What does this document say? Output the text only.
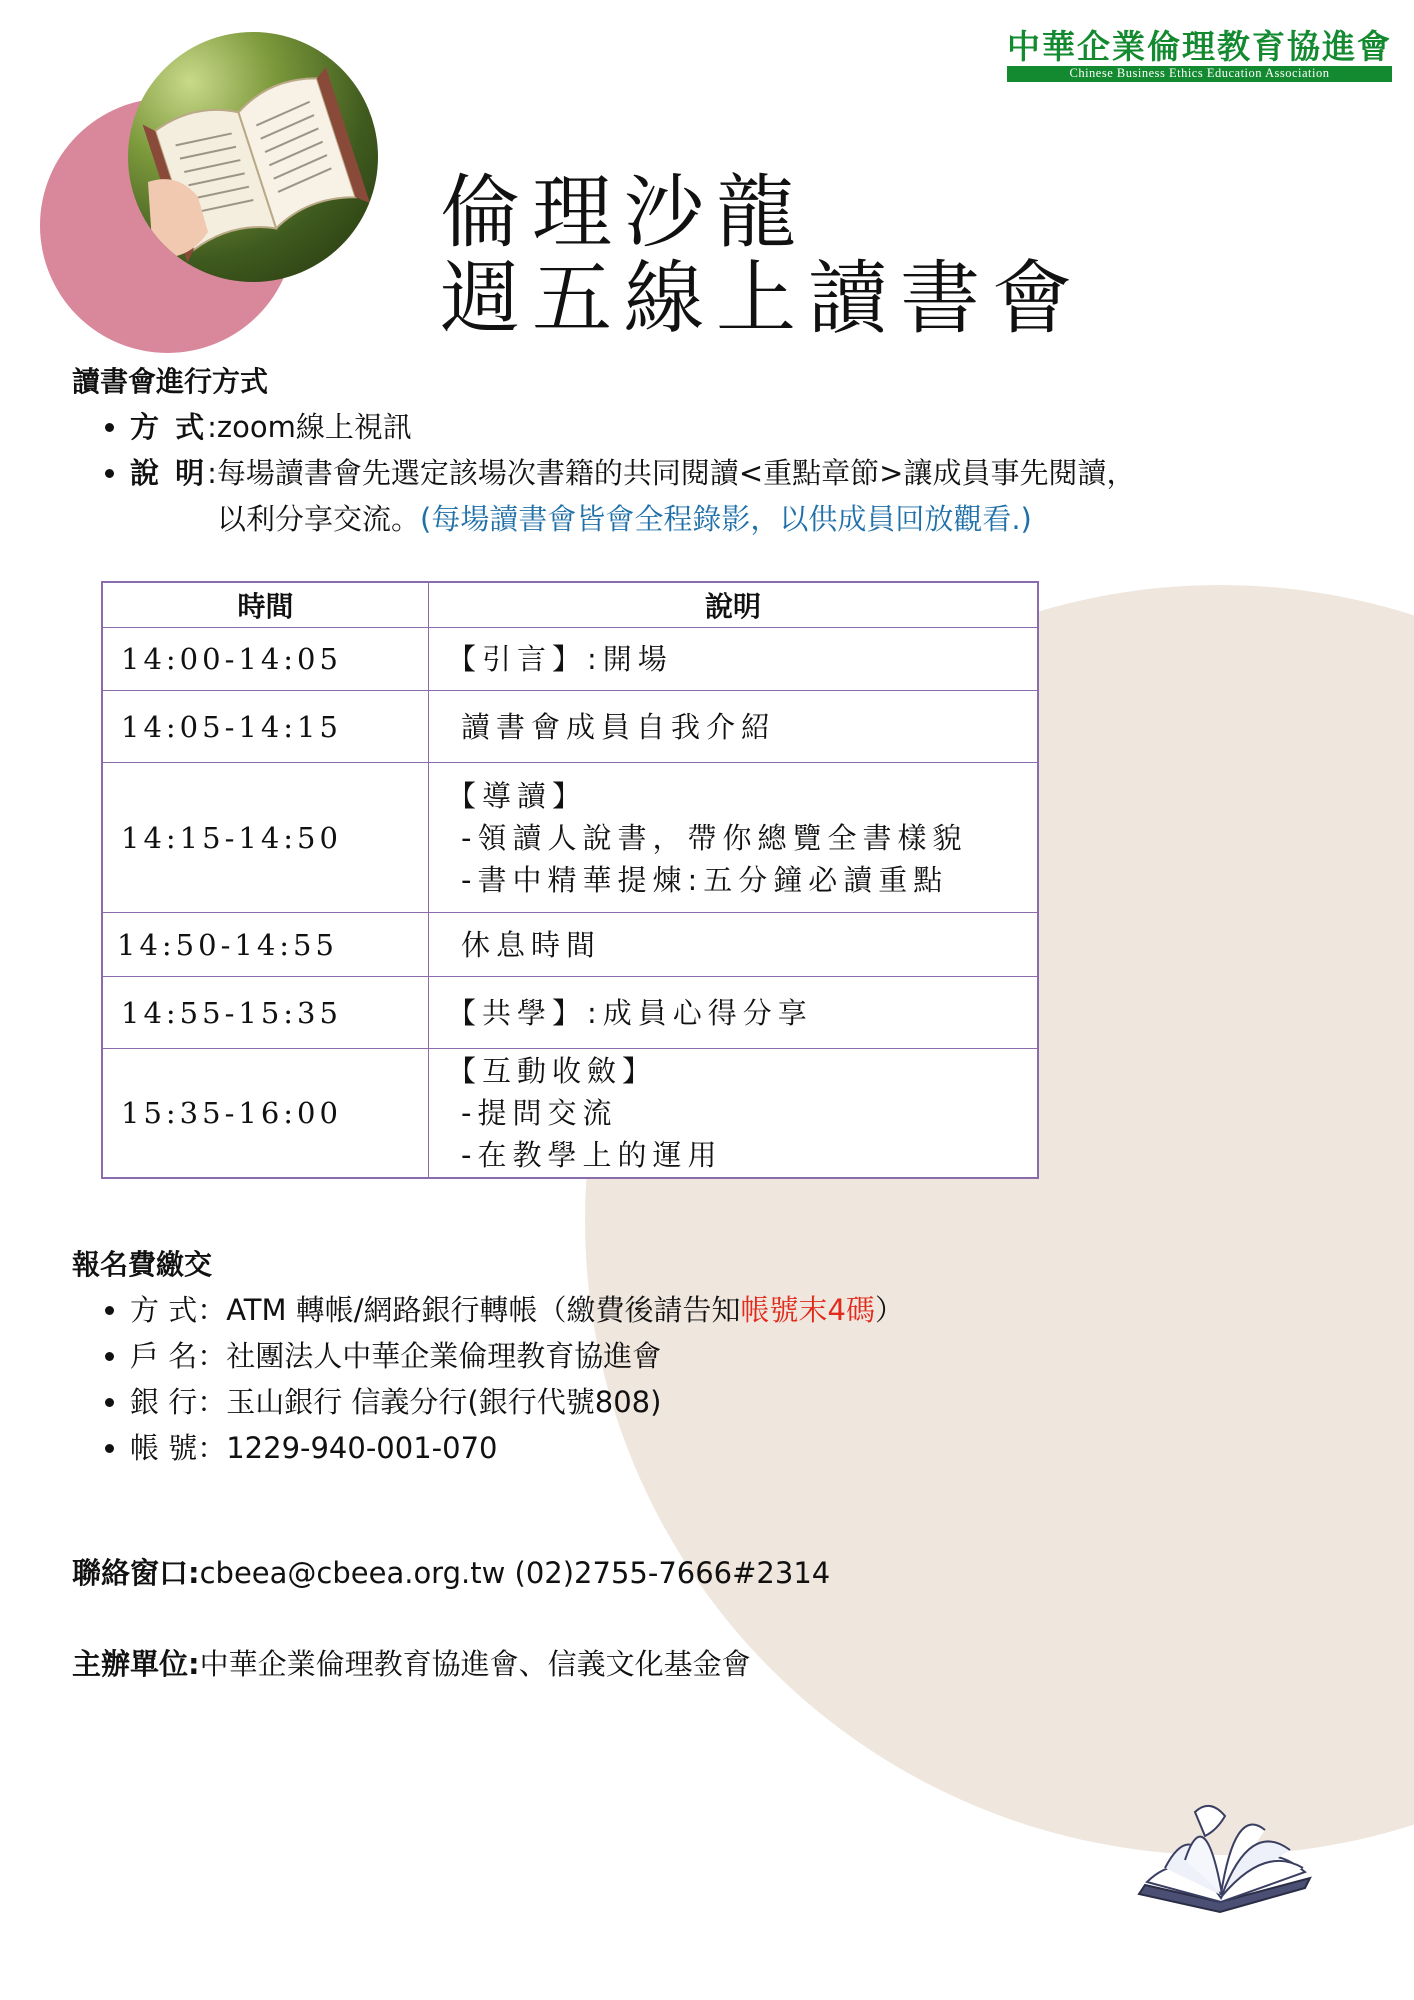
中華企業倫理教育協進會
Chinese Business Ethics Education Association
倫理沙龍
週五線上讀書會
讀書會進行方式
• 方 式:zoom線上視訊
• 說 明:每場讀書會先選定該場次書籍的共同閱讀<重點章節>讓成員事先閱讀，
以利分享交流。(每場讀書會皆會全程錄影，以供成員回放觀看.)
時間	說明
14:00-14:05	【引言】:開場

14:05-14:15	讀書會成員自我介紹

14:15-14:50	【導讀】
-領讀人說書，帶你總覽全書樣貌
-書中精華提煉:五分鐘必讀重點

14:50-14:55	休息時間

14:55-15:35	【共學】:成員心得分享

15:35-16:00	【互動收斂】
-提問交流
-在教學上的運用
報名費繳交
• 方 式：ATM 轉帳/網路銀行轉帳（繳費後請告知帳號末4碼）
• 戶 名：社團法人中華企業倫理教育協進會
• 銀 行：玉山銀行 信義分行(銀行代號808)
• 帳 號：1229-940-001-070
聯絡窗口:cbeea@cbeea.org.tw (02)2755-7666#2314
主辦單位:中華企業倫理教育協進會、信義文化基金會
